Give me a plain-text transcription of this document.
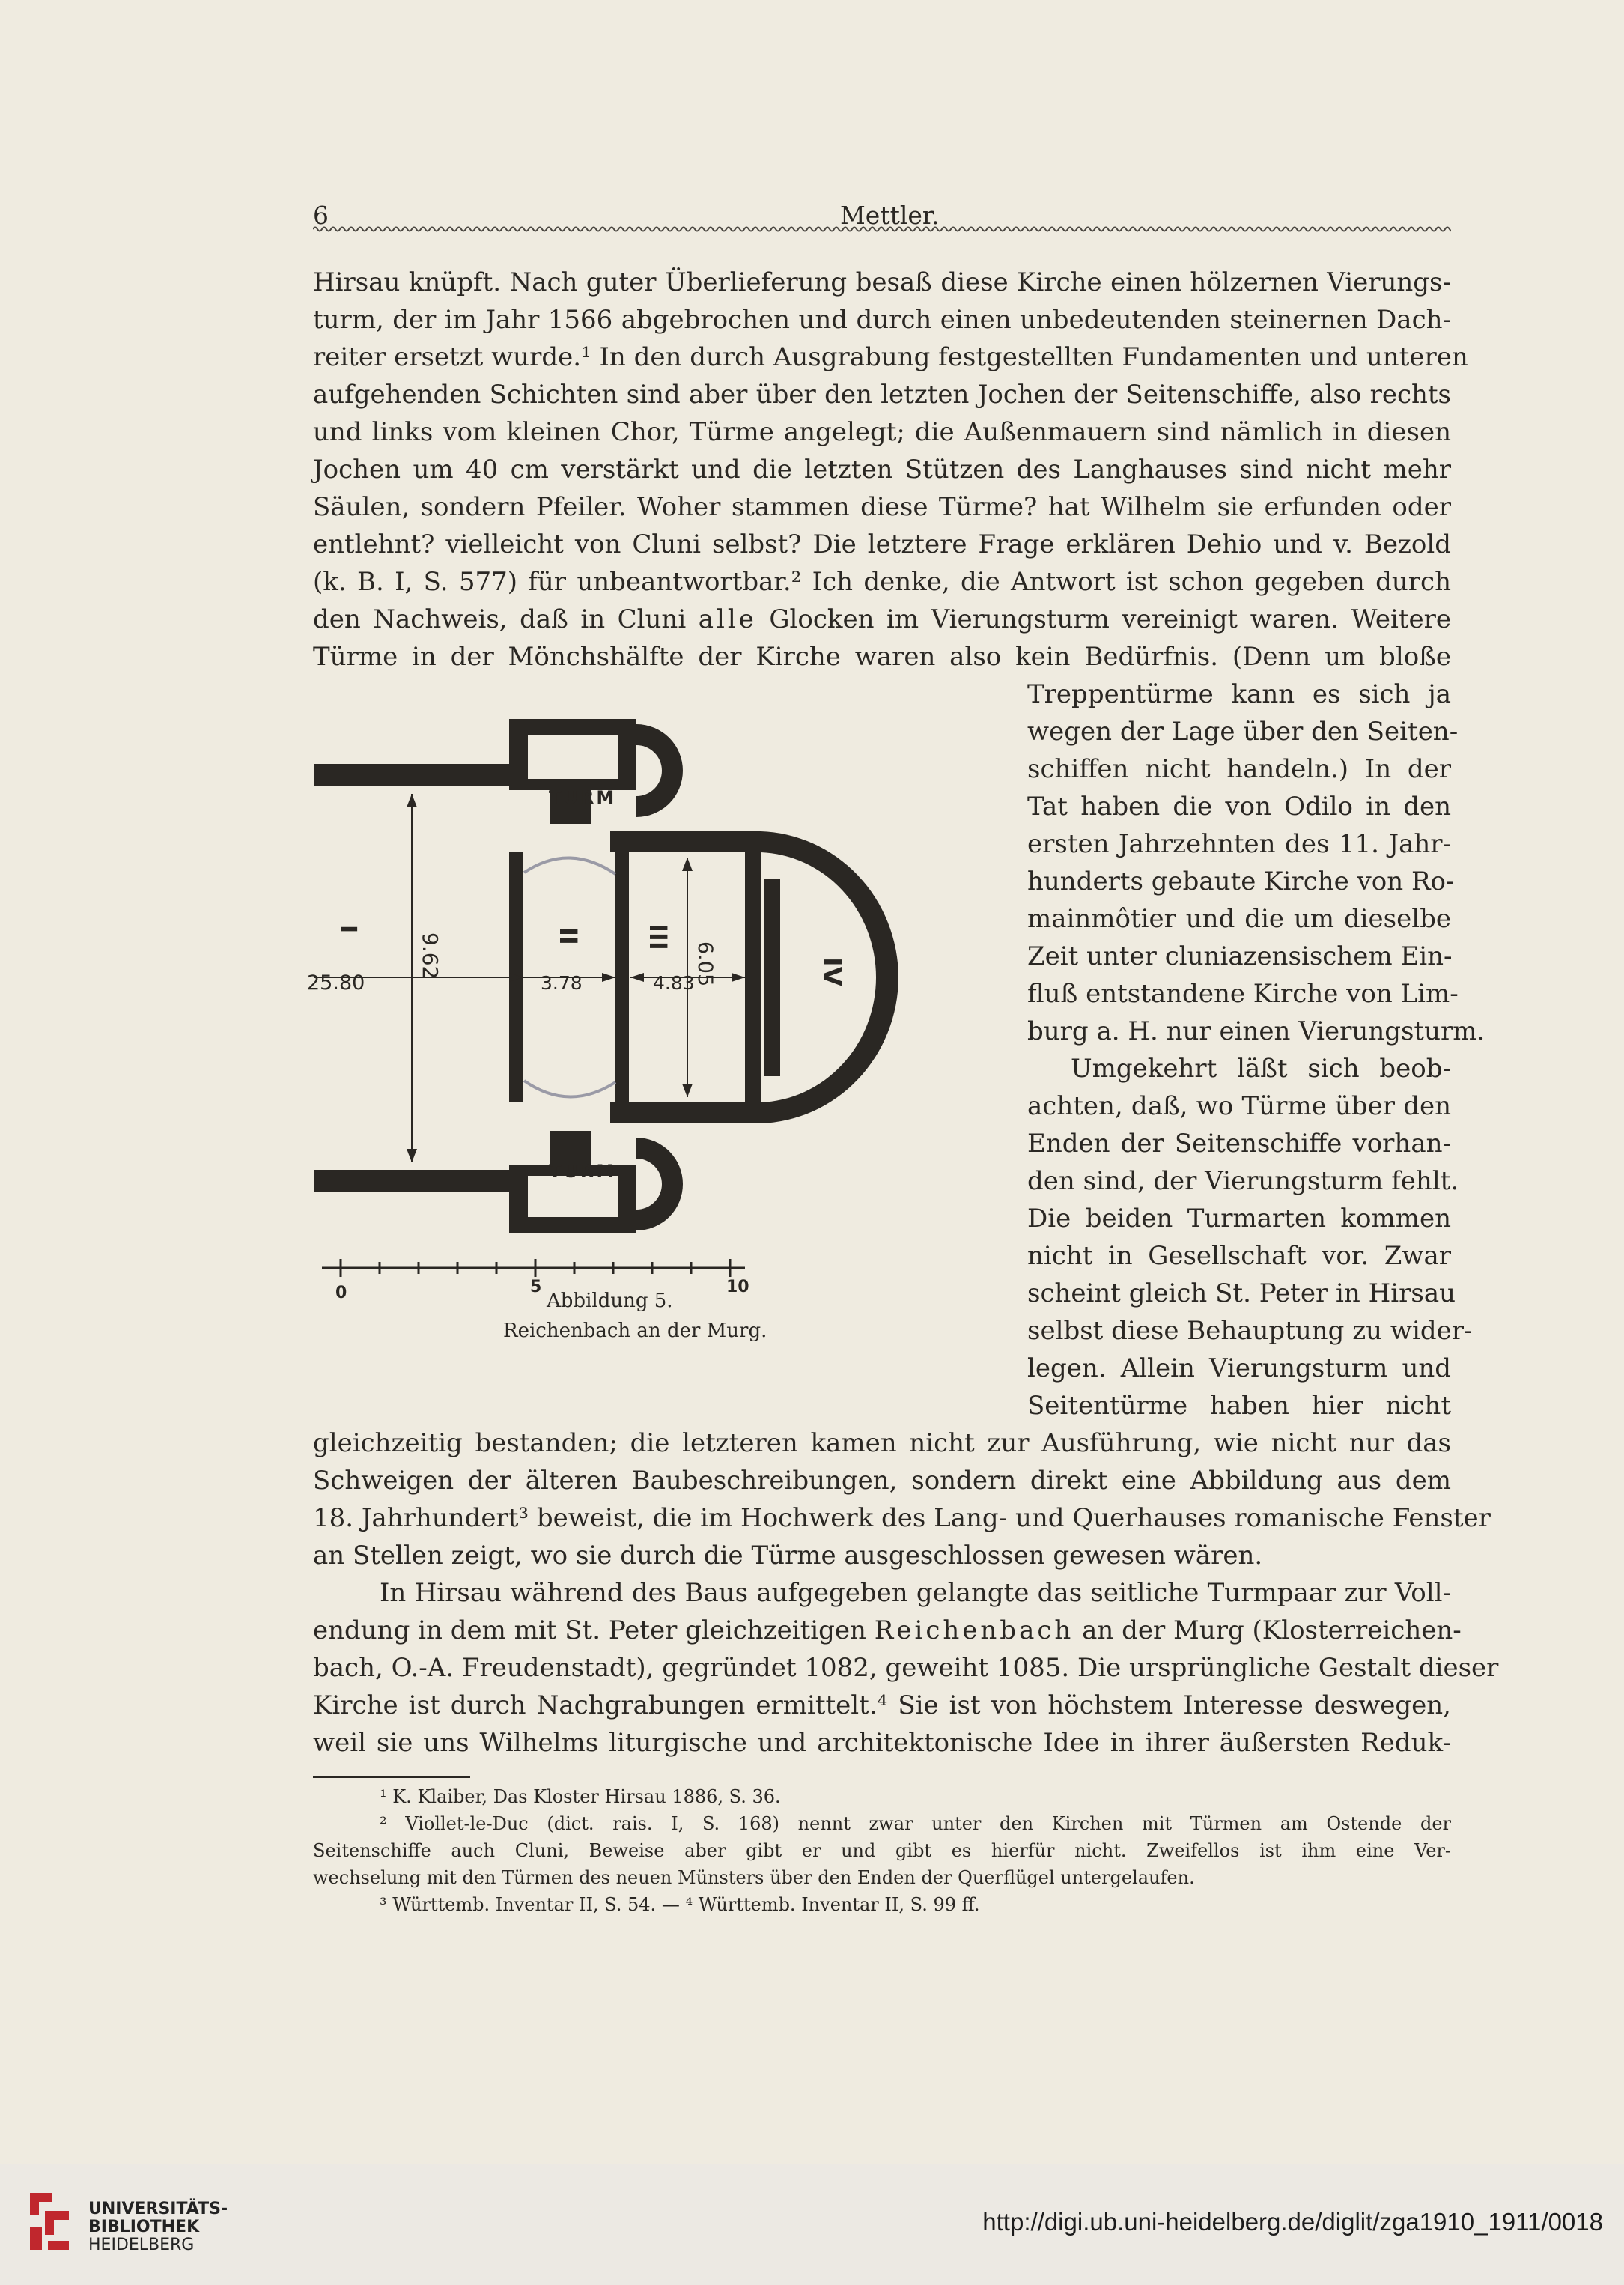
6	Mettler.
Hirsau knüpft. Nach guter Überlieferung besaß diese Kirche einen hölzernen Vierungs-
turm, der im Jahr 1566 abgebrochen und durch einen unbedeutenden steinernen Dach-
reiter ersetzt wurde.¹ In den durch Ausgrabung festgestellten Fundamenten und unteren
aufgehenden Schichten sind aber über den letzten Jochen der Seitenschiffe, also rechts
und links vom kleinen Chor, Türme angelegt; die Außenmauern sind nämlich in diesen
Jochen um 40 cm verstärkt und die letzten Stützen des Langhauses sind nicht mehr
Säulen, sondern Pfeiler. Woher stammen diese Türme? hat Wilhelm sie erfunden oder
entlehnt? vielleicht von Cluni selbst? Die letztere Frage erklären Dehio und v. Bezold
(k. B. I, S. 577) für unbeantwortbar.² Ich denke, die Antwort ist schon gegeben durch
den Nachweis, daß in Cluni alle Glocken im Vierungsturm vereinigt waren. Weitere
Türme in der Mönchshälfte der Kirche waren also kein Bedürfnis. (Denn um bloße
Treppentürme kann es sich ja
wegen der Lage über den Seiten-
schiffen nicht handeln.) In der
Tat haben die von Odilo in den
ersten Jahrzehnten des 11. Jahr-
hunderts gebaute Kirche von Ro-
mainmôtier und die um dieselbe
Zeit unter cluniazensischem Ein-
fluß entstandene Kirche von Lim-
burg a. H. nur einen Vierungsturm.
Umgekehrt läßt sich beob-
achten, daß, wo Türme über den
Enden der Seitenschiffe vorhan-
den sind, der Vierungsturm fehlt.
Die beiden Turmarten kommen
nicht in Gesellschaft vor. Zwar
scheint gleich St. Peter in Hirsau
selbst diese Behauptung zu wider-
legen. Allein Vierungsturm und
Seitentürme haben hier nicht
TURM
TURM
25.80	3.78	4.83
I
9.62	II	III
6.05	IV
0	5	10
Abbildung 5.
Reichenbach an der Murg.
gleichzeitig bestanden; die letzteren kamen nicht zur Ausführung, wie nicht nur das
Schweigen der älteren Baubeschreibungen, sondern direkt eine Abbildung aus dem
18. Jahrhundert³ beweist, die im Hochwerk des Lang- und Querhauses romanische Fenster
an Stellen zeigt, wo sie durch die Türme ausgeschlossen gewesen wären.
In Hirsau während des Baus aufgegeben gelangte das seitliche Turmpaar zur Voll-
endung in dem mit St. Peter gleichzeitigen Reichenbach an der Murg (Klosterreichen-
bach, O.-A. Freudenstadt), gegründet 1082, geweiht 1085. Die ursprüngliche Gestalt dieser
Kirche ist durch Nachgrabungen ermittelt.⁴ Sie ist von höchstem Interesse deswegen,
weil sie uns Wilhelms liturgische und architektonische Idee in ihrer äußersten Reduk-
¹ K. Klaiber, Das Kloster Hirsau 1886, S. 36.
² Viollet-le-Duc (dict. rais. I, S. 168) nennt zwar unter den Kirchen mit Türmen am Ostende der
Seitenschiffe auch Cluni, Beweise aber gibt er und gibt es hierfür nicht. Zweifellos ist ihm eine Ver-
wechselung mit den Türmen des neuen Münsters über den Enden der Querflügel untergelaufen.
³ Württemb. Inventar II, S. 54. — ⁴ Württemb. Inventar II, S. 99 ff.
UNIVERSITÄTS-
BIBLIOTHEK
HEIDELBERG
http://digi.ub.uni-heidelberg.de/diglit/zga1910_1911/0018
